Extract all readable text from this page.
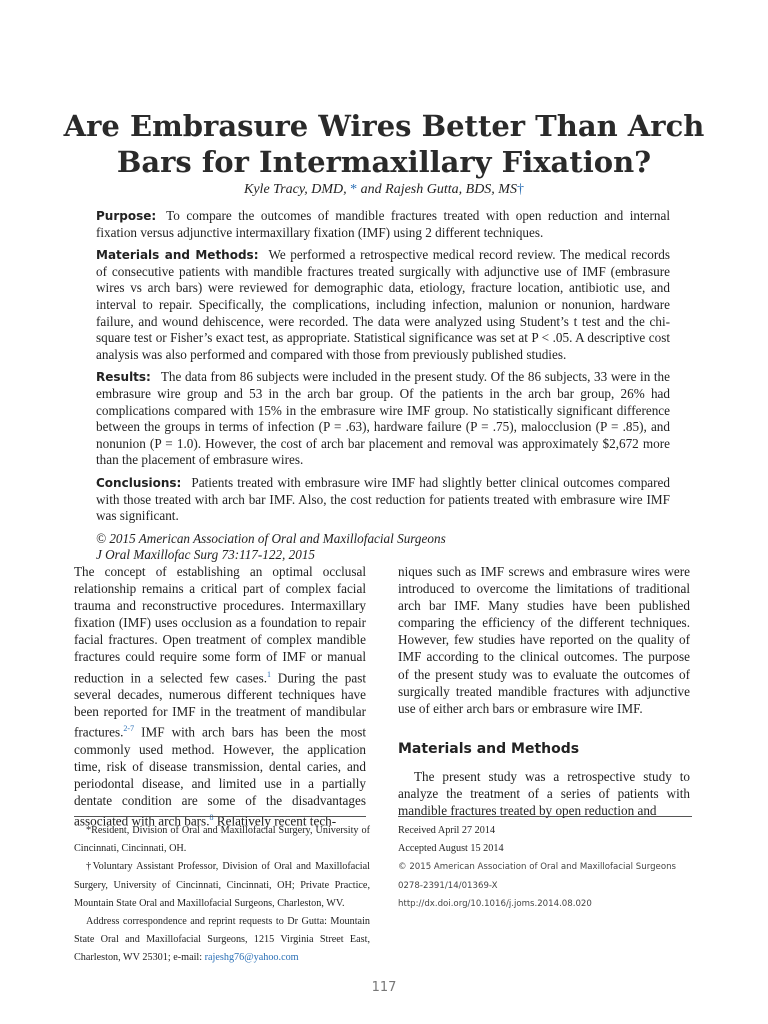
Are Embrasure Wires Better Than Arch Bars for Intermaxillary Fixation?
Kyle Tracy, DMD, * and Rajesh Gutta, BDS, MS†

Purpose: To compare the outcomes of mandible fractures treated with open reduction and internal fixation versus adjunctive intermaxillary fixation (IMF) using 2 different techniques.

Materials and Methods: We performed a retrospective medical record review. The medical records of consecutive patients with mandible fractures treated surgically with adjunctive use of IMF (embrasure wires vs arch bars) were reviewed for demographic data, etiology, fracture location, antibiotic use, and interval to repair. Specifically, the complications, including infection, malunion or nonunion, hardware failure, and wound dehiscence, were recorded. The data were analyzed using Student’s t test and the chi-square test or Fisher’s exact test, as appropriate. Statistical significance was set at P < .05. A descriptive cost analysis was also performed and compared with those from previously published studies.

Results: The data from 86 subjects were included in the present study. Of the 86 subjects, 33 were in the embrasure wire group and 53 in the arch bar group. Of the patients in the arch bar group, 26% had complications compared with 15% in the embrasure wire IMF group. No statistically significant difference between the groups in terms of infection (P = .63), hardware failure (P = .75), malocclusion (P = .85), and nonunion (P = 1.0). However, the cost of arch bar placement and removal was approximately $2,672 more than the placement of embrasure wires.

Conclusions: Patients treated with embrasure wire IMF had slightly better clinical outcomes compared with those treated with arch bar IMF. Also, the cost reduction for patients treated with embrasure wire IMF was significant.

© 2015 American Association of Oral and Maxillofacial Surgeons

J Oral Maxillofac Surg 73:117-122, 2015

The concept of establishing an optimal occlusal relationship remains a critical part of complex facial trauma and reconstructive procedures. Intermaxillary fixation (IMF) uses occlusion as a foundation to repair facial fractures. Open treatment of complex mandible fractures could require some form of IMF or manual reduction in a selected few cases.$^1$ During the past several decades, numerous different techniques have been reported for IMF in the treatment of mandibular fractures.$^{2-7}$ IMF with arch bars has been the most commonly used method. However, the application time, risk of disease transmission, dental caries, and periodontal disease, and limited use in a partially dentate condition are some of the disadvantages associated with arch bars.$^8$ Relatively recent tech-

niques such as IMF screws and embrasure wires were introduced to overcome the limitations of traditional arch bar IMF. Many studies have been published comparing the efficiency of the different techniques. However, few studies have reported on the quality of IMF according to the clinical outcomes. The purpose of the present study was to evaluate the outcomes of surgically treated mandible fractures with adjunctive use of either arch bars or embrasure wire IMF.

Materials and Methods

The present study was a retrospective study to analyze the treatment of a series of patients with mandible fractures treated by open reduction and

*Resident, Division of Oral and Maxillofacial Surgery, University of Cincinnati, Cincinnati, OH.

†Voluntary Assistant Professor, Division of Oral and Maxillofacial Surgery, University of Cincinnati, Cincinnati, OH; Private Practice, Mountain State Oral and Maxillofacial Surgeons, Charleston, WV.

Address correspondence and reprint requests to Dr Gutta: Mountain State Oral and Maxillofacial Surgeons, 1215 Virginia Street East, Charleston, WV 25301; e-mail: rajeshg76@yahoo.com

Received April 27 2014
Accepted August 15 2014
© 2015 American Association of Oral and Maxillofacial Surgeons
0278-2391/14/01369-X
http://dx.doi.org/10.1016/j.joms.2014.08.020
117
